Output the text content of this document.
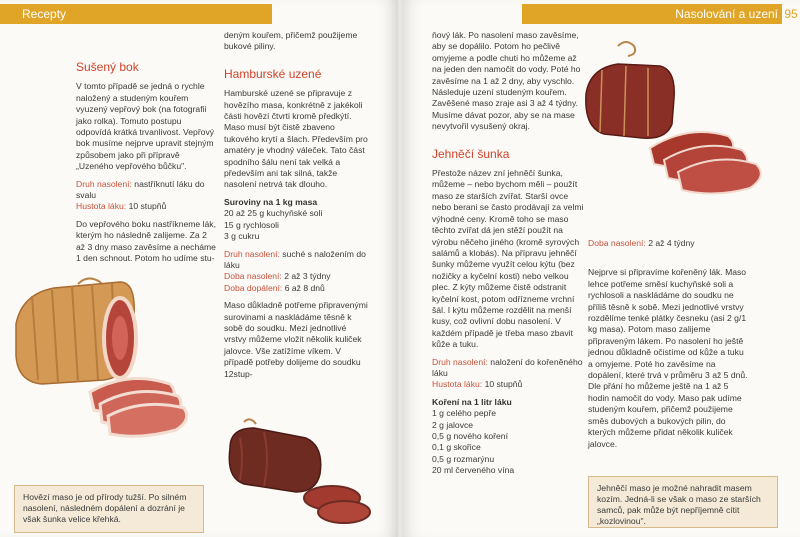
Recepty
Sušený bok

V tomto případě se jedná o rychle naložený a studeným kouřem vyuzený vepřový bok (na fotografii jako rolka). Tomuto postupu odpovídá krátká trvanlivost. Vepřový bok musíme nejprve upravit stejným způsobem jako při přípravě „Uzeného vepřového bůčku".

Druh nasolení: nastříknutí láku do svalu

Hustota láku: 10 stupňů

Do vepřového boku nastříkneme lák, kterým ho následně zalijeme. Za 2 až 3 dny maso zavěsíme a necháme 1 den schnout. Potom ho udíme stu-

deným kouřem, přičemž použijeme bukové piliny.

Hamburské uzené

Hamburské uzené se připravuje z hovězího masa, konkrétně z jakékoli části hovězí čtvrti kromě předkýtí. Maso musí být čistě zbaveno tukového krytí a šlach. Především pro amatéry je vhodný váleček. Tato část spodního šálu není tak velká a především ani tak silná, takže nasolení netrvá tak dlouho.

Suroviny na 1 kg masa

20 až 25 g kuchyňské soli
15 g rychlosoli
3 g cukru

Druh nasolení: suché s naložením do láku

Doba nasolení: 2 až 3 týdny

Doba dopálení: 6 až 8 dnů

Maso důkladně potřeme připravenými surovinami a naskládáme těsně k sobě do soudku. Mezi jednotlivé vrstvy můžeme vložit několik kuliček jalovce. Vše zatížíme víkem. V případě potřeby dolijeme do soudku 12stup-

Hovězí maso je od přírody tužší. Po silném nasolení, následném dopálení a dozrání je však šunka velice křehká.
Nasolování a uzení 95

ňový lák. Po nasolení maso zavěsíme, aby se dopálilo. Potom ho pečlivě omyjeme a podle chuti ho můžeme až na jeden den namočit do vody. Poté ho zavěsíme na 1 až 2 dny, aby vyschlo. Následuje uzení studeným kouřem. Zavěšené maso zraje asi 3 až 4 týdny. Musíme dávat pozor, aby se na mase nevytvořil vysušený okraj.

Jehněčí šunka

Přestože název zní jehněčí šunka, můžeme – nebo bychom měli – použít maso ze starších zvířat. Starší ovce nebo berani se často prodávají za velmi výhodné ceny. Kromě toho se maso těchto zvířat dá jen stěží použít na výrobu něčeho jiného (kromě syrových salámů a klobás). Na přípravu jehněčí šunky můžeme využít celou kýtu (bez nožičky a kyčelní kosti) nebo velkou plec. Z kýty můžeme čistě odstranit kyčelní kost, potom odřízneme vrchní šál. I kýtu můžeme rozdělit na menší kusy, což ovlivní dobu nasolení. V každém případě je třeba maso zbavit kůže a tuku.

Druh nasolení: naložení do kořeněného láku

Hustota láku: 10 stupňů

Koření na 1 litr láku

1 g celého pepře
2 g jalovce
0,5 g nového koření
0,1 g skořice
0,5 g rozmarýnu
20 ml červeného vína

Doba nasolení: 2 až 4 týdny

Nejprve si připravíme kořeněný lák. Maso lehce potřeme směsí kuchyňské soli a rychlosoli a naskládáme do soudku ne příliš těsně k sobě. Mezi jednotlivé vrstvy rozdělíme tenké plátky česneku (asi 2 g/1 kg masa). Potom maso zalijeme připraveným lákem. Po nasolení ho ještě jednou důkladně očistíme od kůže a tuku a omyjeme. Poté ho zavěsíme na dopálení, které trvá v průměru 3 až 5 dnů. Dle přání ho můžeme ještě na 1 až 5 hodin namočit do vody. Maso pak udíme studeným kouřem, přičemž použijeme směs dubových a bukových pilin, do kterých můžeme přidat několik kuliček jalovce.

Jehněčí maso je možné nahradit masem kozím. Jedná-li se však o maso ze starších samců, pak může být nepříjemně cítit „kozlovinou".
